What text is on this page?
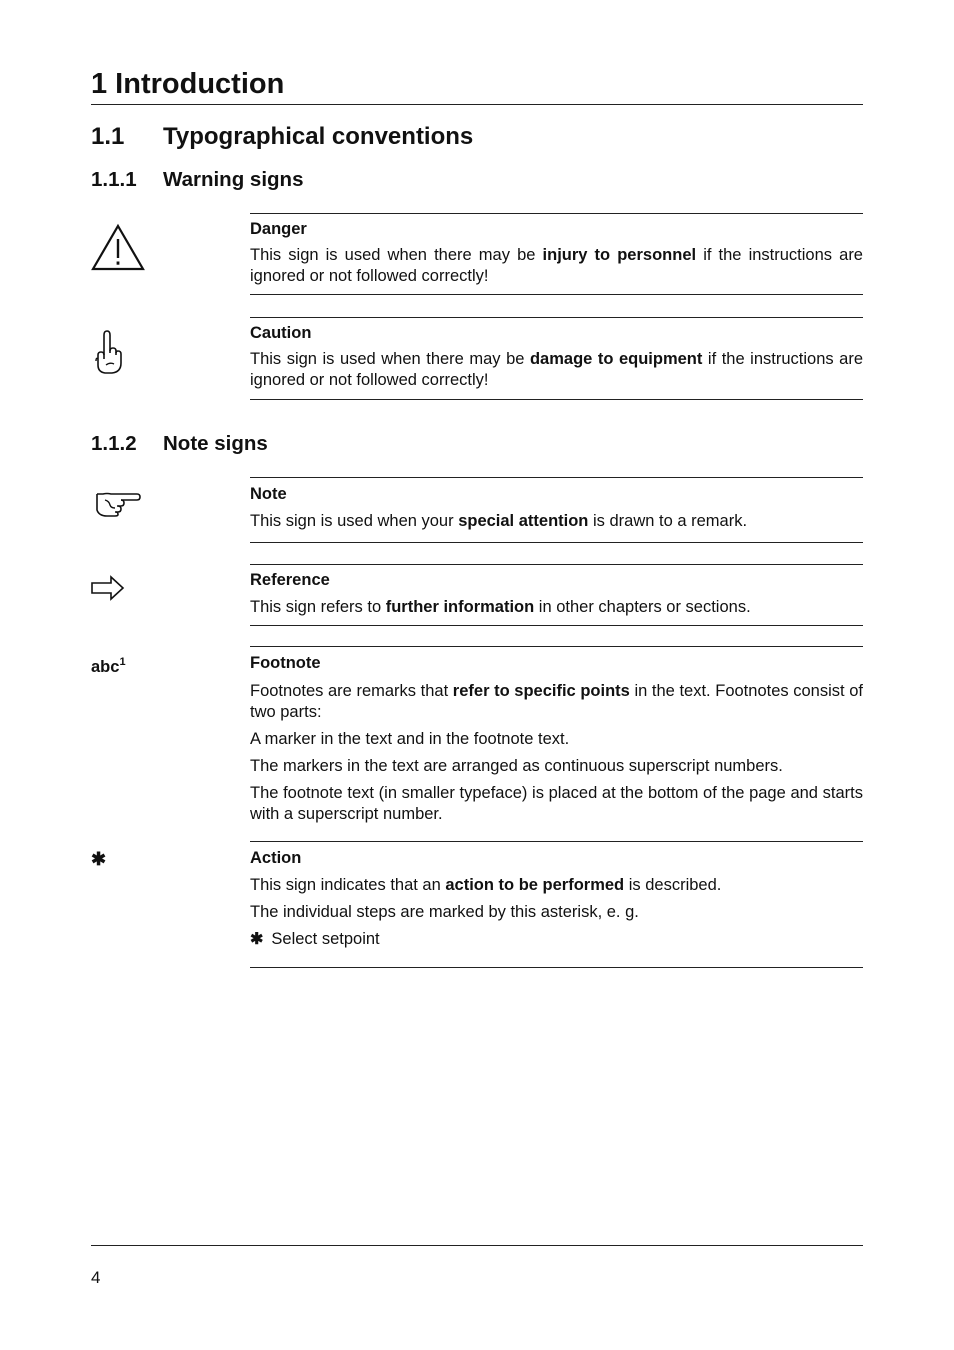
1 Introduction
1.1 Typographical conventions
1.1.1 Warning signs

Danger

This sign is used when there may be injury to personnel if the instructions are ignored or not followed correctly!

Caution

This sign is used when there may be damage to equipment if the instructions are ignored or not followed correctly!

1.1.2 Note signs

Note

This sign is used when your special attention is drawn to a remark.

Reference

This sign refers to further information in other chapters or sections.

abc$^1$	Footnote

Footnotes are remarks that refer to specific points in the text. Footnotes consist of two parts:

A marker in the text and in the footnote text.

The markers in the text are arranged as continuous superscript numbers.

The footnote text (in smaller typeface) is placed at the bottom of the page and starts with a superscript number.

✱	Action

This sign indicates that an action to be performed is described.

The individual steps are marked by this asterisk, e. g.

✱ Select setpoint

4
